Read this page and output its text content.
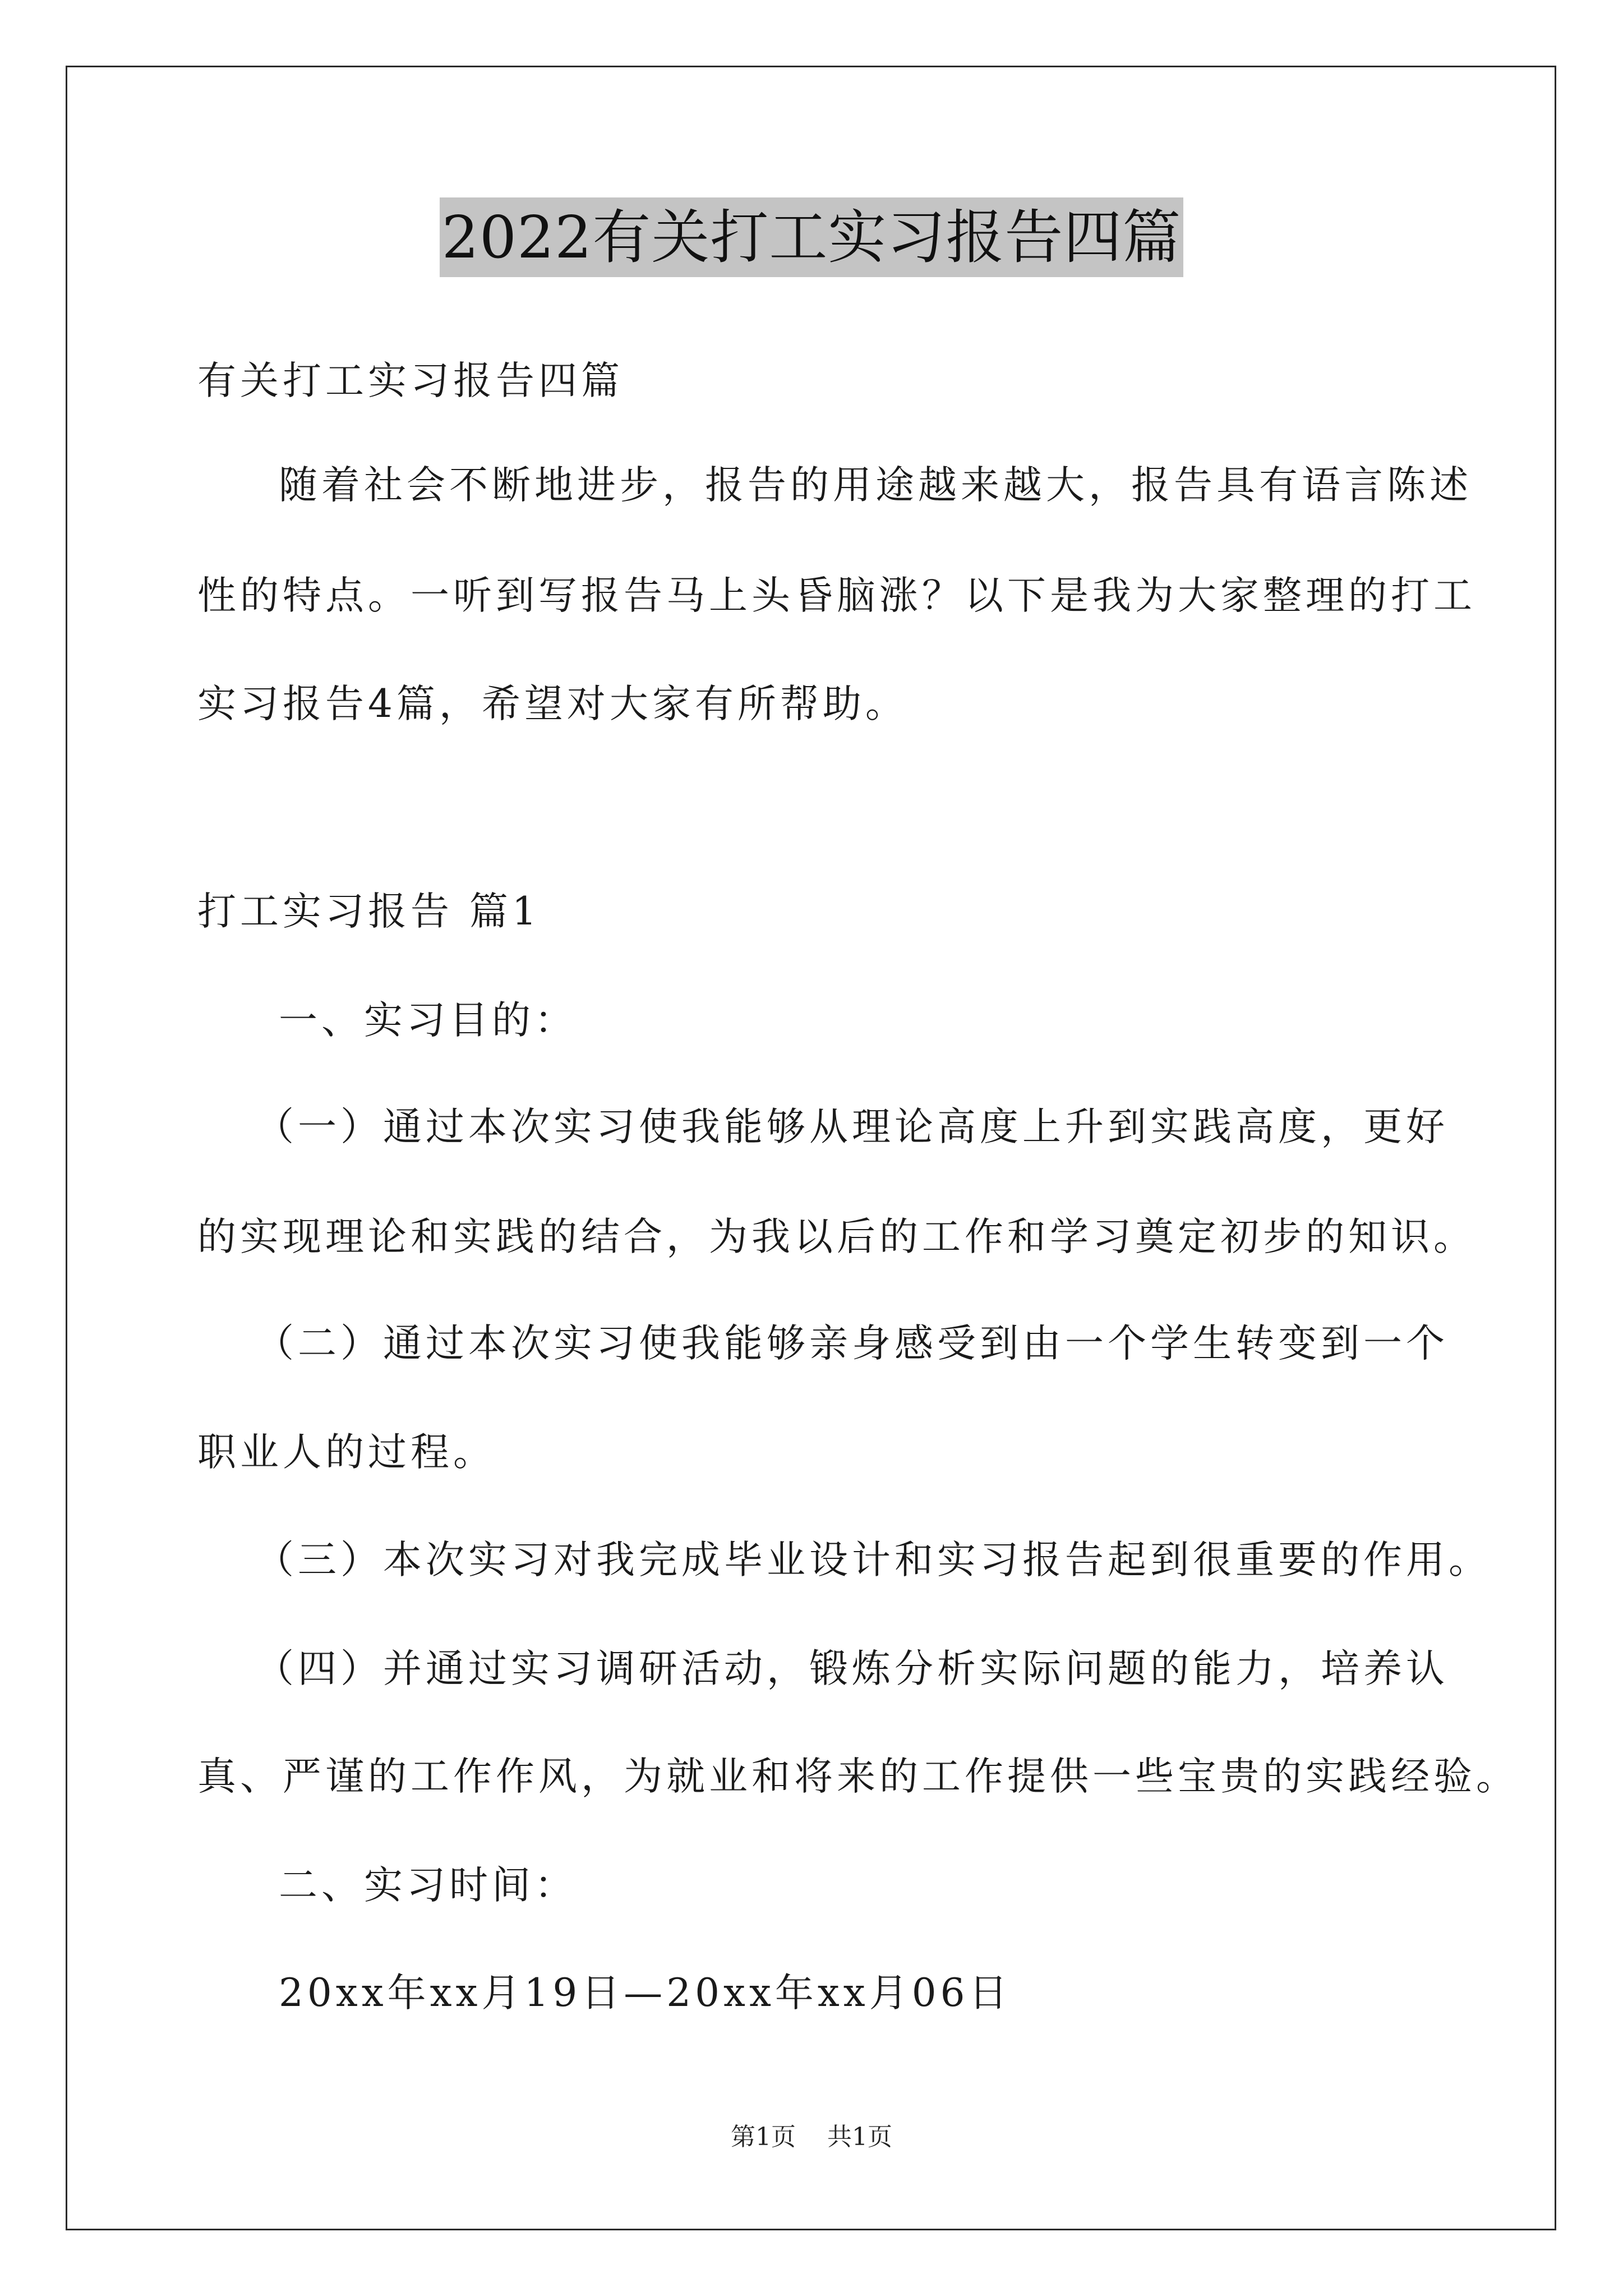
2022有关打工实习报告四篇
有关打工实习报告四篇
随着社会不断地进步，报告的用途越来越大，报告具有语言陈述
性的特点。一听到写报告马上头昏脑涨？以下是我为大家整理的打工
实习报告4篇，希望对大家有所帮助。
打工实习报告 篇1
一、实习目的：
（一）通过本次实习使我能够从理论高度上升到实践高度，更好
的实现理论和实践的结合，为我以后的工作和学习奠定初步的知识。
（二）通过本次实习使我能够亲身感受到由一个学生转变到一个
职业人的过程。
（三）本次实习对我完成毕业设计和实习报告起到很重要的作用。
（四）并通过实习调研活动，锻炼分析实际问题的能力，培养认
真、严谨的工作作风，为就业和将来的工作提供一些宝贵的实践经验。
二、实习时间：
20xx年xx月19日—20xx年xx月06日
第1页 共1页
